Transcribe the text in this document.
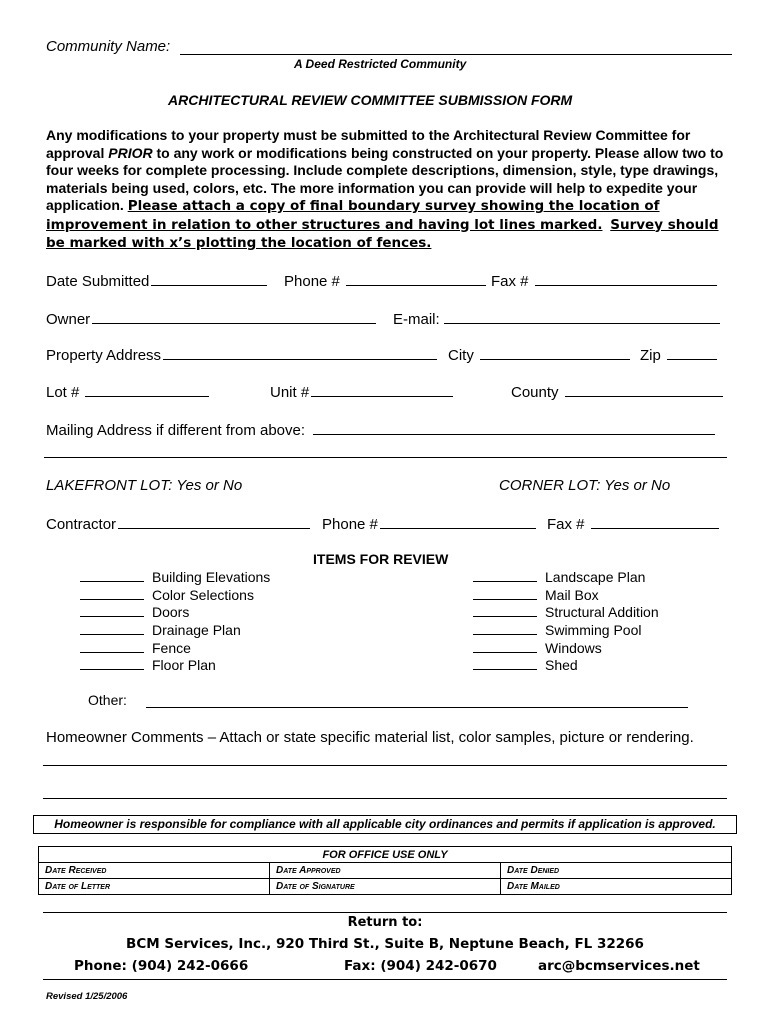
Community Name:
A Deed Restricted Community
ARCHITECTURAL REVIEW COMMITTEE SUBMISSION FORM
Any modifications to your property must be submitted to the Architectural Review Committee for approval PRIOR to any work or modifications being constructed on your property. Please allow two to four weeks for complete processing. Include complete descriptions, dimension, style, type drawings, materials being used, colors, etc. The more information you can provide will help to expedite your application. Please attach a copy of final boundary survey showing the location of improvement in relation to other structures and having lot lines marked. Survey should be marked with x’s plotting the location of fences.
Date Submitted	Phone #	Fax #
Owner	E-mail:
Property Address	City	Zip
Lot #	Unit #	County
Mailing Address if different from above:
LAKEFRONT LOT: Yes or No	CORNER LOT: Yes or No
Contractor	Phone #	Fax #
ITEMS FOR REVIEW
Building Elevations
Color Selections
Doors
Drainage Plan
Fence
Floor Plan
Landscape Plan
Mail Box
Structural Addition
Swimming Pool
Windows
Shed
Other:
Homeowner Comments – Attach or state specific material list, color samples, picture or rendering.
Homeowner is responsible for compliance with all applicable city ordinances and permits if application is approved.
FOR OFFICE USE ONLY		
Date Received	Date Approved	Date Denied
Date of Letter	Date of Signature	Date Mailed
Return to:
BCM Services, Inc., 920 Third St., Suite B, Neptune Beach, FL 32266
Phone: (904) 242-0666	Fax: (904) 242-0670	arc@bcmservices.net
Revised 1/25/2006
